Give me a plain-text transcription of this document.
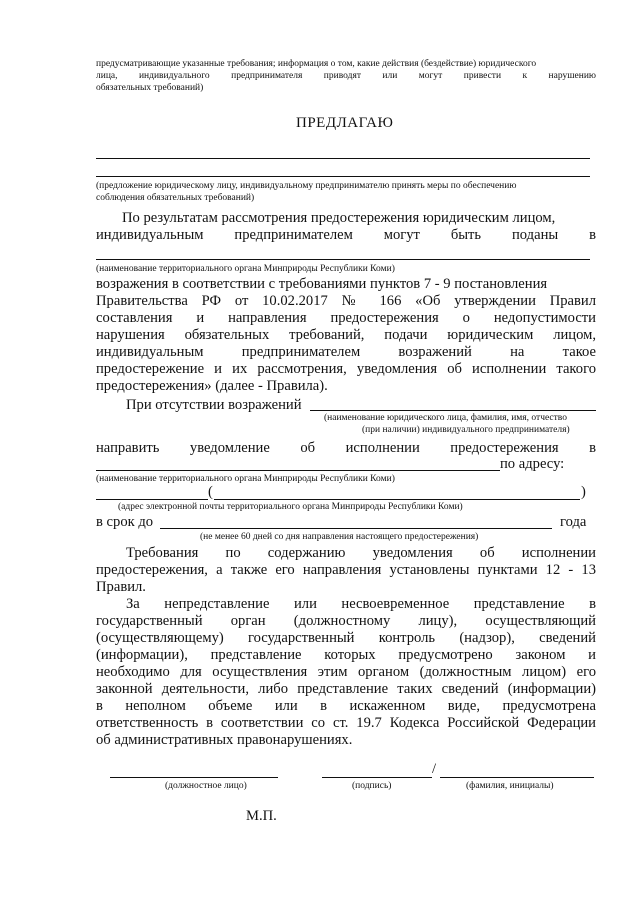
предусматривающие указанные требования; информация о том, какие действия (бездействие) юридического
лица, индивидуального предпринимателя приводят или могут привести к нарушению
обязательных требований)
ПРЕДЛАГАЮ
(предложение юридическому лицу, индивидуальному предпринимателю принять меры по обеспечению
соблюдения обязательных требований)
По результатам рассмотрения предостережения юридическим лицом,
индивидуальным предпринимателем могут быть поданы в
(наименование территориального органа Минприроды Республики Коми)
возражения в соответствии с требованиями пунктов 7 - 9 постановления
Правительства РФ от 10.02.2017 № 166 «Об утверждении Правил
составления и направления предостережения о недопустимости
нарушения обязательных требований, подачи юридическим лицом,
индивидуальным предпринимателем возражений на такое
предостережение и их рассмотрения, уведомления об исполнении такого
предостережения» (далее - Правила).
При отсутствии возражений
(наименование юридического лица, фамилия, имя, отчество
(при наличии) индивидуального предпринимателя)
направить уведомление об исполнении предостережения в
по адресу:
(наименование территориального органа Минприроды Республики Коми)
(	)
(адрес электронной почты территориального органа Минприроды Республики Коми)
в срок до	года
(не менее 60 дней со дня направления настоящего предостережения)
Требования по содержанию уведомления об исполнении
предостережения, а также его направления установлены пунктами 12 - 13
Правил.
За непредставление или несвоевременное представление в
государственный орган (должностному лицу), осуществляющий
(осуществляющему) государственный контроль (надзор), сведений
(информации), представление которых предусмотрено законом и
необходимо для осуществления этим органом (должностным лицом) его
законной деятельности, либо представление таких сведений (информации)
в неполном объеме или в искаженном виде, предусмотрена
ответственность в соответствии со ст. 19.7 Кодекса Российской Федерации
об административных правонарушениях.
(должностное лицо)
/
(подпись)	(фамилия, инициалы)
М.П.
